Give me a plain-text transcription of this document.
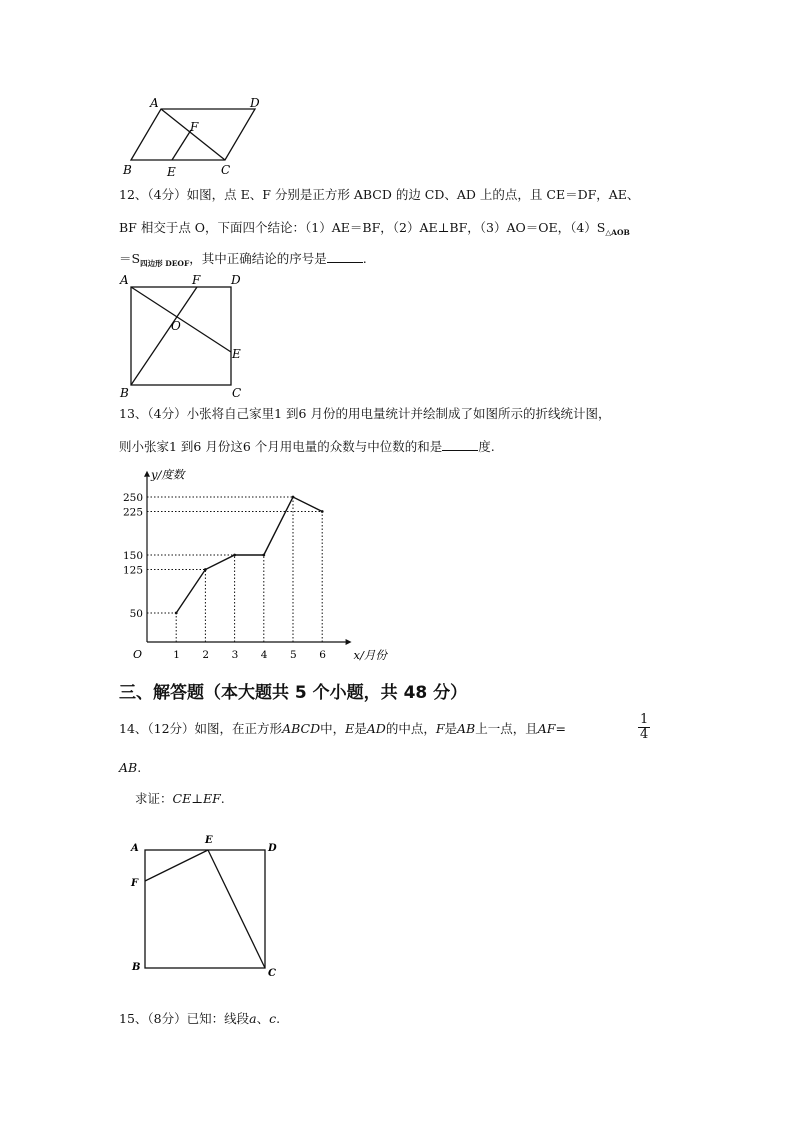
A	D
F
B	E	C
12、（4分）如图，点 E、F 分别是正方形 ABCD 的边 CD、AD 上的点，且 CE＝DF，AE、
BF 相交于点 O，下面四个结论：（1）AE＝BF，（2）AE⊥BF，（3）AO＝OE，$(4)S_{\triangle AOB}$
$=S_{四边形 DEOF}$，其中正确结论的序号是	.
A	F	D
O
E
B	C
13、（4分）小张将自己家里1 到6 月份的用电量统计并绘制成了如图所示的折线统计图，
则小张家1 到6 月份这6 个月用电量的众数与中位数的和是	度.
1 2 3 4 5 6
50
125
150
225
250
y/度数
x/月份
O
三、解答题（本大题共 5 个小题，共 48 分）
14、（12分）如图，在正方形ABCD中，E是AD的中点，F是AB上一点，且AF=	$\frac{1}{4}$
AB.
求证：CE⊥EF.
A
E
D
F
B
C
15、（8分）已知：线段a、c.
